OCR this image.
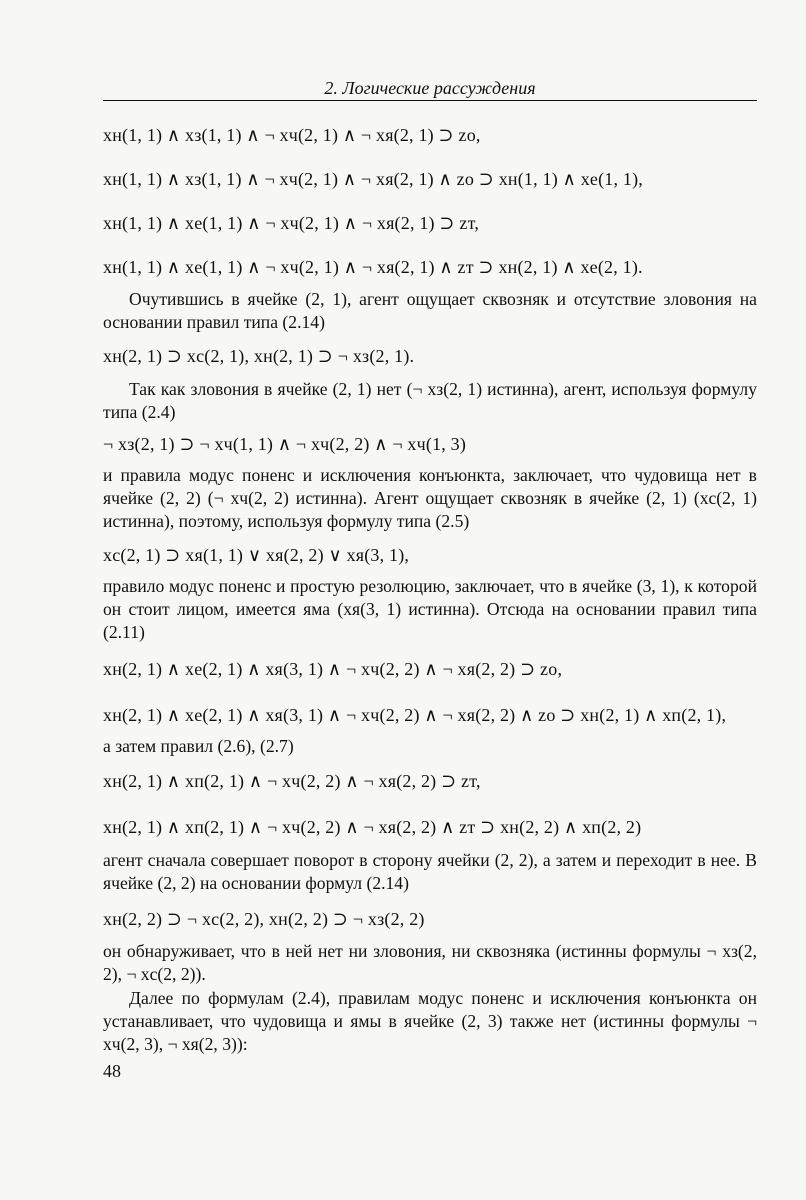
2. Логические рассуждения
xн(1, 1) ∧ xз(1, 1) ∧ ¬ xч(2, 1) ∧ ¬ xя(2, 1) ⊃ zо,
xн(1, 1) ∧ xз(1, 1) ∧ ¬ xч(2, 1) ∧ ¬ xя(2, 1) ∧ zо ⊃ xн(1, 1) ∧ xе(1, 1),
xн(1, 1) ∧ xе(1, 1) ∧ ¬ xч(2, 1) ∧ ¬ xя(2, 1) ⊃ zт,
xн(1, 1) ∧ xе(1, 1) ∧ ¬ xч(2, 1) ∧ ¬ xя(2, 1) ∧ zт ⊃ xн(2, 1) ∧ xе(2, 1).
Очутившись в ячейке (2, 1), агент ощущает сквозняк и отсутствие зловония на основании правил типа (2.14)
xн(2, 1) ⊃ xс(2, 1), xн(2, 1) ⊃ ¬ xз(2, 1).
Так как зловония в ячейке (2, 1) нет (¬ xз(2, 1) истинна), агент, используя формулу типа (2.4)
¬ xз(2, 1) ⊃ ¬ xч(1, 1) ∧ ¬ xч(2, 2) ∧ ¬ xч(1, 3)
и правила модус поненс и исключения конъюнкта, заключает, что чудовища нет в ячейке (2, 2) (¬ xч(2, 2) истинна). Агент ощущает сквозняк в ячейке (2, 1) (xс(2, 1) истинна), поэтому, используя формулу типа (2.5)
xс(2, 1) ⊃ xя(1, 1) ∨ xя(2, 2) ∨ xя(3, 1),
правило модус поненс и простую резолюцию, заключает, что в ячейке (3, 1), к которой он стоит лицом, имеется яма (xя(3, 1) истинна). Отсюда на основании правил типа (2.11)
xн(2, 1) ∧ xе(2, 1) ∧ xя(3, 1) ∧ ¬ xч(2, 2) ∧ ¬ xя(2, 2) ⊃ zо,
xн(2, 1) ∧ xе(2, 1) ∧ xя(3, 1) ∧ ¬ xч(2, 2) ∧ ¬ xя(2, 2) ∧ zо ⊃ xн(2, 1) ∧ xп(2, 1),
а затем правил (2.6), (2.7)
xн(2, 1) ∧ xп(2, 1) ∧ ¬ xч(2, 2) ∧ ¬ xя(2, 2) ⊃ zт,
xн(2, 1) ∧ xп(2, 1) ∧ ¬ xч(2, 2) ∧ ¬ xя(2, 2) ∧ zт ⊃ xн(2, 2) ∧ xп(2, 2)
агент сначала совершает поворот в сторону ячейки (2, 2), а затем и переходит в нее. В ячейке (2, 2) на основании формул (2.14)
xн(2, 2) ⊃ ¬ xс(2, 2), xн(2, 2) ⊃ ¬ xз(2, 2)
он обнаруживает, что в ней нет ни зловония, ни сквозняка (истинны формулы ¬ xз(2, 2), ¬ xс(2, 2)).
Далее по формулам (2.4), правилам модус поненс и исключения конъюнкта он устанавливает, что чудовища и ямы в ячейке (2, 3) также нет (истинны формулы ¬ xч(2, 3), ¬ xя(2, 3)):
48
